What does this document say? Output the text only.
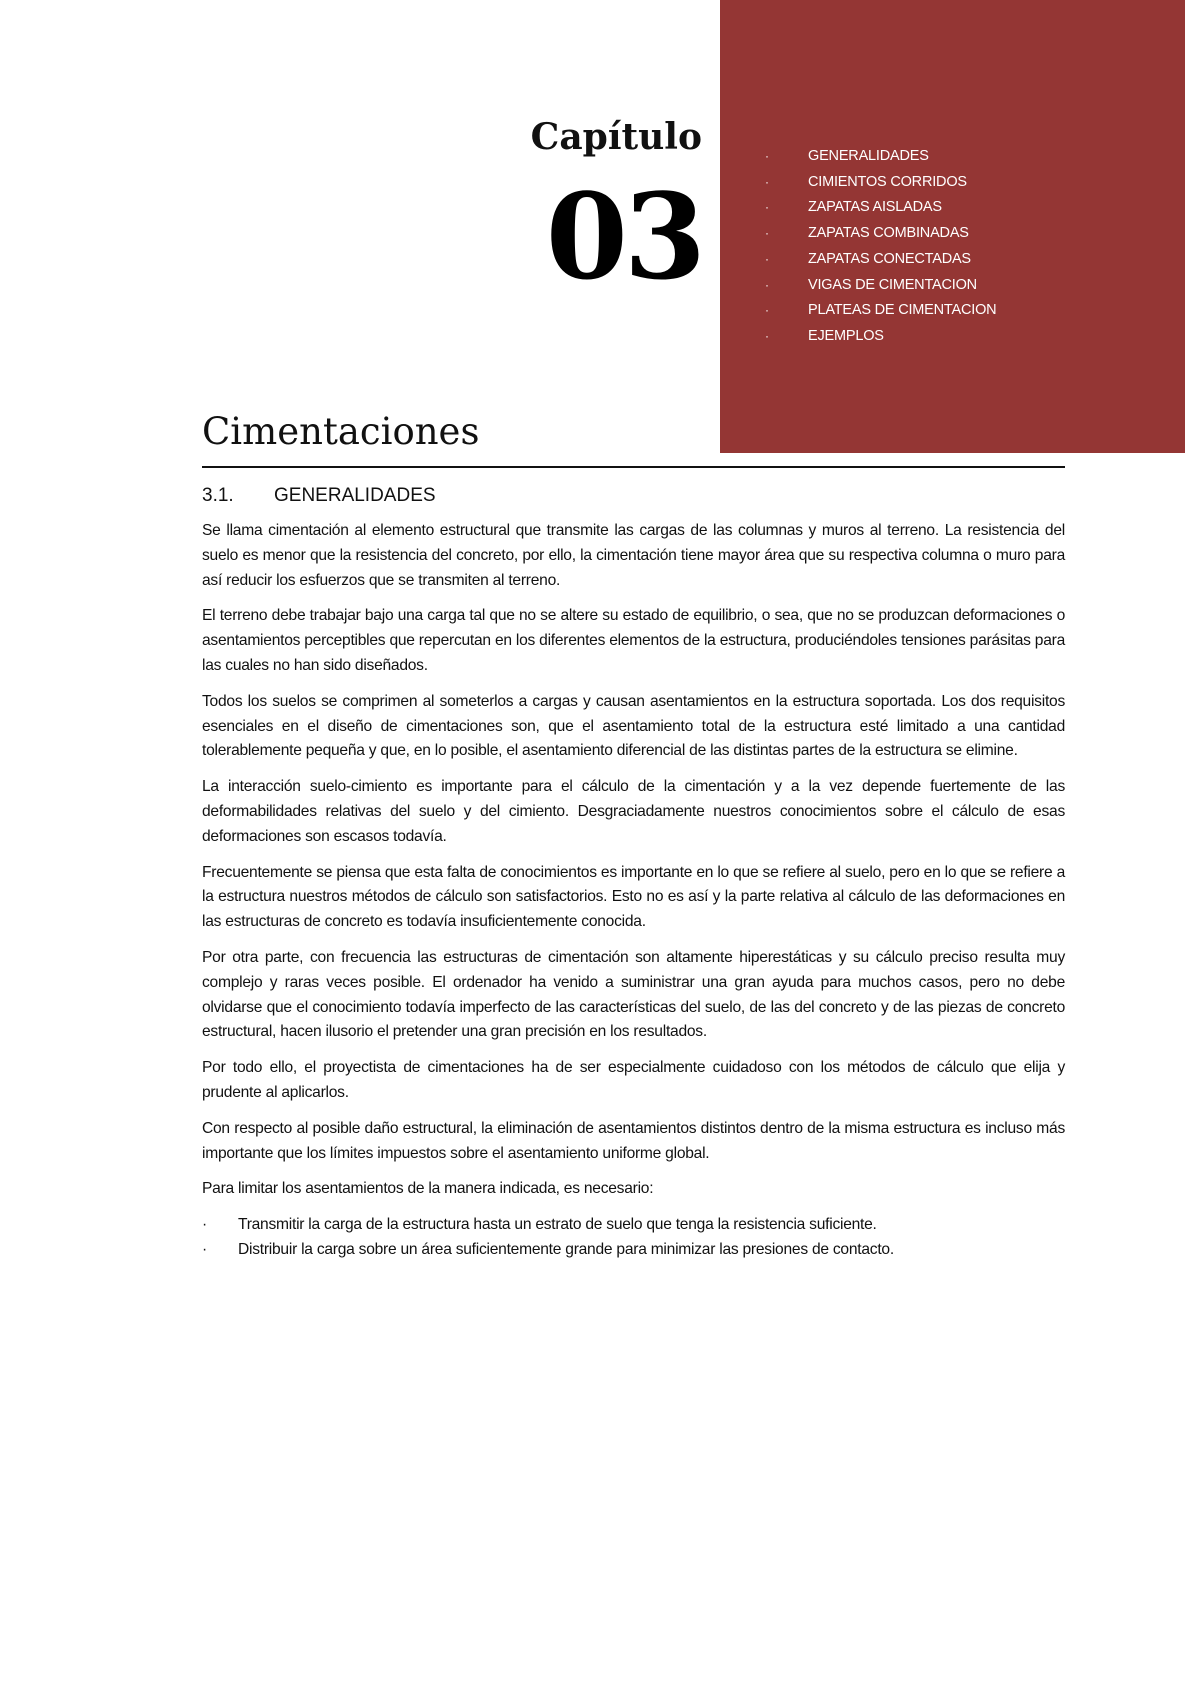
·	GENERALIDADES
·	CIMIENTOS CORRIDOS
·	ZAPATAS AISLADAS
·	ZAPATAS COMBINADAS
·	ZAPATAS CONECTADAS
·	VIGAS DE CIMENTACION
·	PLATEAS DE CIMENTACION
·	EJEMPLOS
Capítulo
03
Cimentaciones
3.1. GENERALIDADES

Se llama cimentación al elemento estructural que transmite las cargas de las columnas y muros al terreno. La resistencia del suelo es menor que la resistencia del concreto, por ello, la cimentación tiene mayor área que su respectiva columna o muro para así reducir los esfuerzos que se transmiten al terreno.

El terreno debe trabajar bajo una carga tal que no se altere su estado de equilibrio, o sea, que no se produzcan deformaciones o asentamientos perceptibles que repercutan en los diferentes elementos de la estructura, produciéndoles tensiones parásitas para las cuales no han sido diseñados.

Todos los suelos se comprimen al someterlos a cargas y causan asentamientos en la estructura soportada. Los dos requisitos esenciales en el diseño de cimentaciones son, que el asentamiento total de la estructura esté limitado a una cantidad tolerablemente pequeña y que, en lo posible, el asentamiento diferencial de las distintas partes de la estructura se elimine.

La interacción suelo-cimiento es importante para el cálculo de la cimentación y a la vez depende fuertemente de las deformabilidades relativas del suelo y del cimiento. Desgraciadamente nuestros conocimientos sobre el cálculo de esas deformaciones son escasos todavía.

Frecuentemente se piensa que esta falta de conocimientos es importante en lo que se refiere al suelo, pero en lo que se refiere a la estructura nuestros métodos de cálculo son satisfactorios. Esto no es así y la parte relativa al cálculo de las deformaciones en las estructuras de concreto es todavía insuficientemente conocida.

Por otra parte, con frecuencia las estructuras de cimentación son altamente hiperestáticas y su cálculo preciso resulta muy complejo y raras veces posible. El ordenador ha venido a suministrar una gran ayuda para muchos casos, pero no debe olvidarse que el conocimiento todavía imperfecto de las características del suelo, de las del concreto y de las piezas de concreto estructural, hacen ilusorio el pretender una gran precisión en los resultados.

Por todo ello, el proyectista de cimentaciones ha de ser especialmente cuidadoso con los métodos de cálculo que elija y prudente al aplicarlos.

Con respecto al posible daño estructural, la eliminación de asentamientos distintos dentro de la misma estructura es incluso más importante que los límites impuestos sobre el asentamiento uniforme global.

Para limitar los asentamientos de la manera indicada, es necesario:

· Transmitir la carga de la estructura hasta un estrato de suelo que tenga la resistencia suficiente.
· Distribuir la carga sobre un área suficientemente grande para minimizar las presiones de contacto.
